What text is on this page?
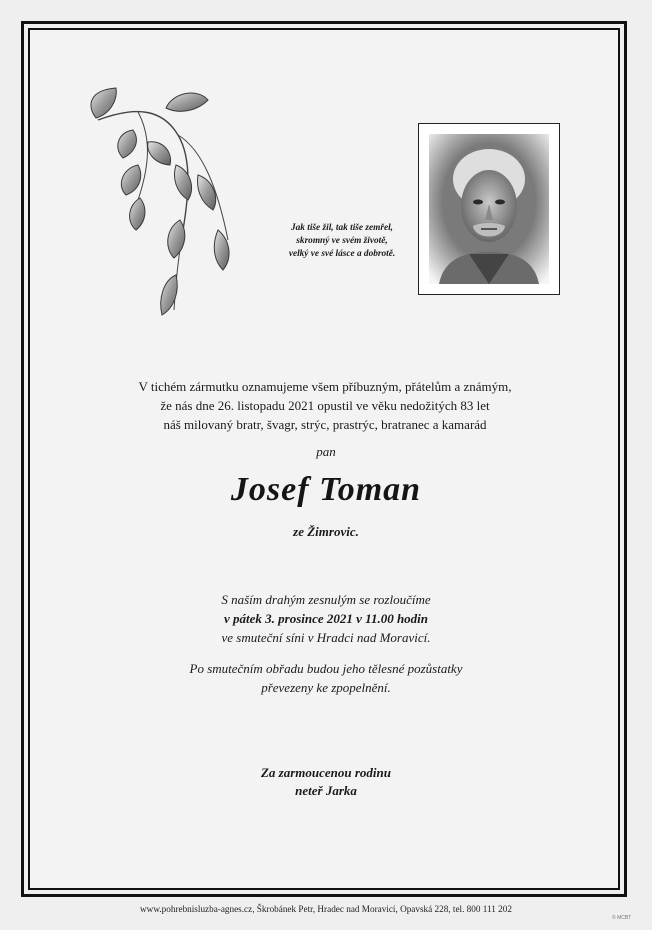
Jak tiše žil, tak tiše zemřel,
skromný ve svém životě,
velký ve své lásce a dobrotě.
V tichém zármutku oznamujeme všem příbuzným, přátelům a známým,
že nás dne 26. listopadu 2021 opustil ve věku nedožitých 83 let
náš milovaný bratr, švagr, strýc, prastrýc, bratranec a kamarád
pan
Josef Toman
ze Žimrovic.
S naším drahým zesnulým se rozloučíme
v pátek 3. prosince 2021 v 11.00 hodin
ve smuteční síni v Hradci nad Moravicí.
Po smutečním obřadu budou jeho tělesné pozůstatky
převezeny ke zpopelnění.
Za zarmoucenou rodinu
neteř Jarka
www.pohrebnisluzba-agnes.cz, Škrobánek Petr, Hradec nad Moravicí, Opavská 228, tel. 800 111 202
© MCBT
